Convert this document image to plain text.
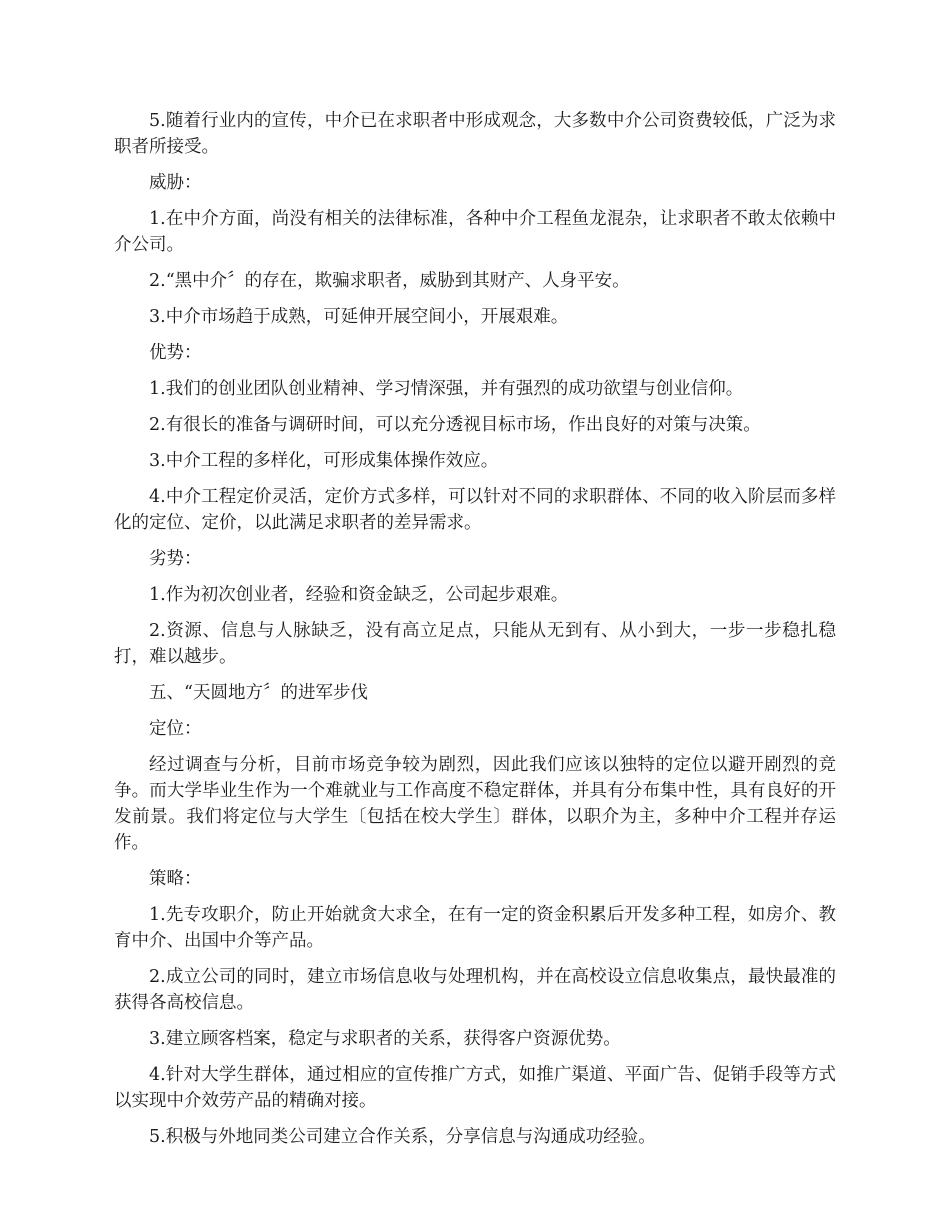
5.随着行业内的宣传，中介已在求职者中形成观念，大多数中介公司资费较低，广泛为求职者所接受。

威胁：

1.在中介方面，尚没有相关的法律标准，各种中介工程鱼龙混杂，让求职者不敢太依赖中介公司。

2.“黑中介〞的存在，欺骗求职者，威胁到其财产、人身平安。

3.中介市场趋于成熟，可延伸开展空间小，开展艰难。

优势：

1.我们的创业团队创业精神、学习情深强，并有强烈的成功欲望与创业信仰。

2.有很长的准备与调研时间，可以充分透视目标市场，作出良好的对策与决策。

3.中介工程的多样化，可形成集体操作效应。

4.中介工程定价灵活，定价方式多样，可以针对不同的求职群体、不同的收入阶层而多样化的定位、定价，以此满足求职者的差异需求。

劣势：

1.作为初次创业者，经验和资金缺乏，公司起步艰难。

2.资源、信息与人脉缺乏，没有高立足点，只能从无到有、从小到大，一步一步稳扎稳打，难以越步。

五、“天圆地方〞的进军步伐

定位：

经过调查与分析，目前市场竞争较为剧烈，因此我们应该以独特的定位以避开剧烈的竞争。而大学毕业生作为一个难就业与工作高度不稳定群体，并具有分布集中性，具有良好的开发前景。我们将定位与大学生〔包括在校大学生〕群体，以职介为主，多种中介工程并存运作。

策略：

1.先专攻职介，防止开始就贪大求全，在有一定的资金积累后开发多种工程，如房介、教育中介、出国中介等产品。

2.成立公司的同时，建立市场信息收与处理机构，并在高校设立信息收集点，最快最准的获得各高校信息。

3.建立顾客档案，稳定与求职者的关系，获得客户资源优势。

4.针对大学生群体，通过相应的宣传推广方式，如推广渠道、平面广告、促销手段等方式以实现中介效劳产品的精确对接。

5.积极与外地同类公司建立合作关系，分享信息与沟通成功经验。
